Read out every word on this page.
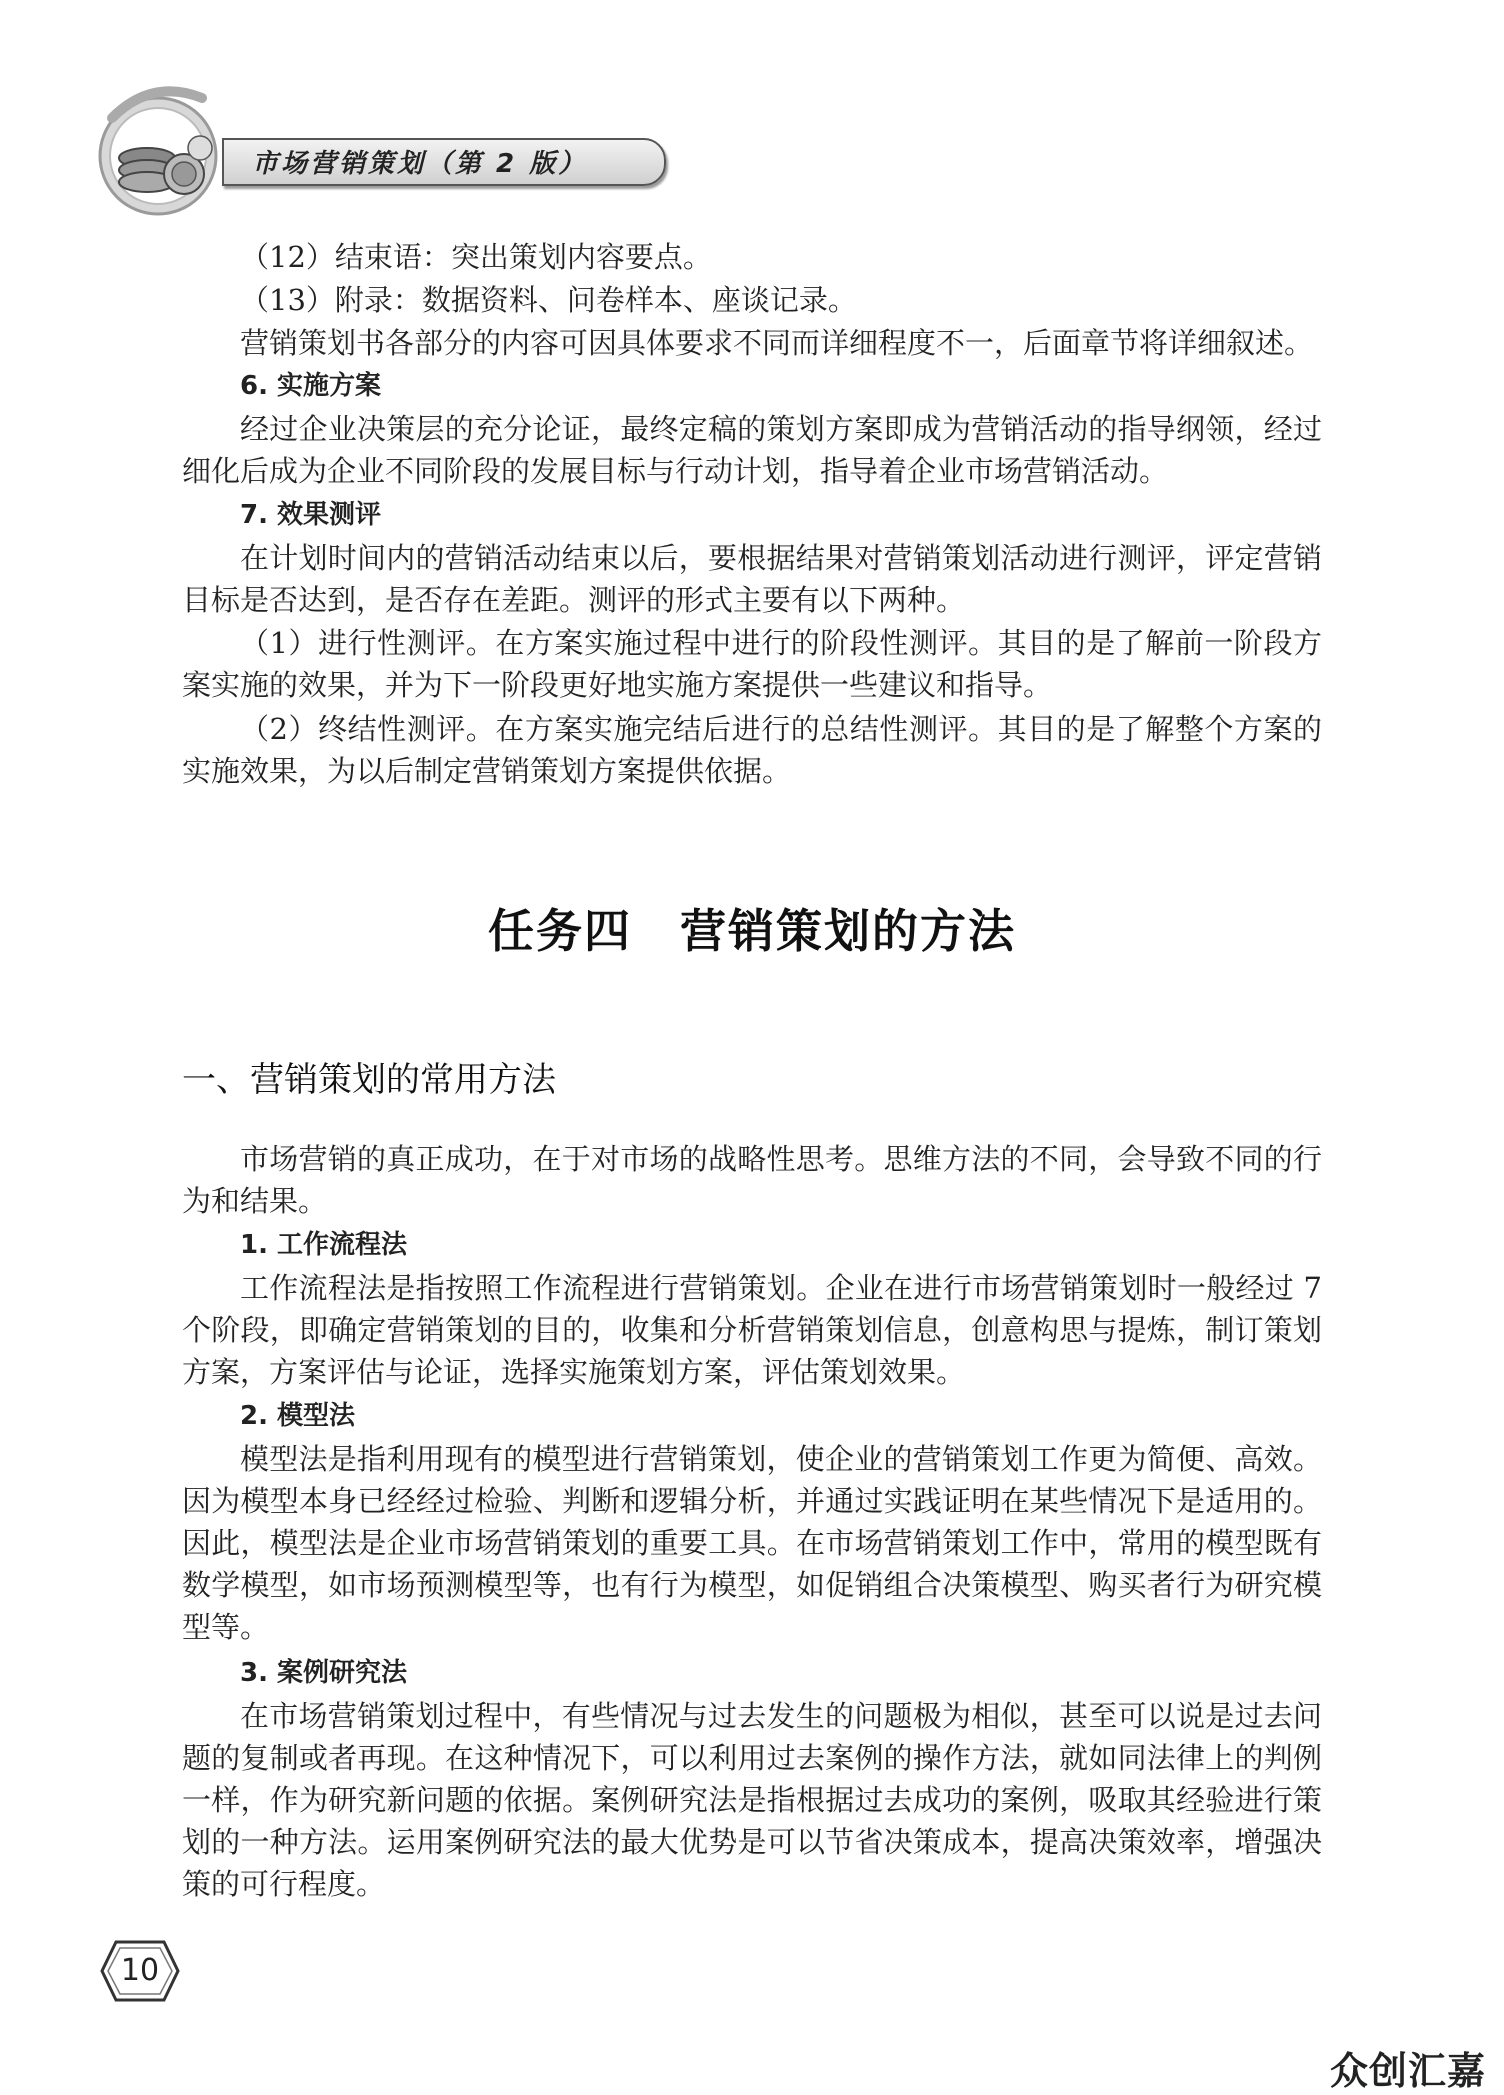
市场营销策划（第 2 版）

（12）结束语：突出策划内容要点。

（13）附录：数据资料、问卷样本、座谈记录。

营销策划书各部分的内容可因具体要求不同而详细程度不一，后面章节将详细叙述。

6. 实施方案

经过企业决策层的充分论证，最终定稿的策划方案即成为营销活动的指导纲领，经过细化后成为企业不同阶段的发展目标与行动计划，指导着企业市场营销活动。

7. 效果测评

在计划时间内的营销活动结束以后，要根据结果对营销策划活动进行测评，评定营销目标是否达到，是否存在差距。测评的形式主要有以下两种。

（1）进行性测评。在方案实施过程中进行的阶段性测评。其目的是了解前一阶段方案实施的效果，并为下一阶段更好地实施方案提供一些建议和指导。

（2）终结性测评。在方案实施完结后进行的总结性测评。其目的是了解整个方案的实施效果，为以后制定营销策划方案提供依据。

任务四　营销策划的方法
一、营销策划的常用方法

市场营销的真正成功，在于对市场的战略性思考。思维方法的不同，会导致不同的行为和结果。

1. 工作流程法

工作流程法是指按照工作流程进行营销策划。企业在进行市场营销策划时一般经过 7 个阶段，即确定营销策划的目的，收集和分析营销策划信息，创意构思与提炼，制订策划方案，方案评估与论证，选择实施策划方案，评估策划效果。

2. 模型法

模型法是指利用现有的模型进行营销策划，使企业的营销策划工作更为简便、高效。因为模型本身已经经过检验、判断和逻辑分析，并通过实践证明在某些情况下是适用的。因此，模型法是企业市场营销策划的重要工具。在市场营销策划工作中，常用的模型既有数学模型，如市场预测模型等，也有行为模型，如促销组合决策模型、购买者行为研究模型等。

3. 案例研究法

在市场营销策划过程中，有些情况与过去发生的问题极为相似，甚至可以说是过去问题的复制或者再现。在这种情况下，可以利用过去案例的操作方法，就如同法律上的判例一样，作为研究新问题的依据。案例研究法是指根据过去成功的案例，吸取其经验进行策划的一种方法。运用案例研究法的最大优势是可以节省决策成本，提高决策效率，增强决策的可行程度。

10
众创汇嘉
